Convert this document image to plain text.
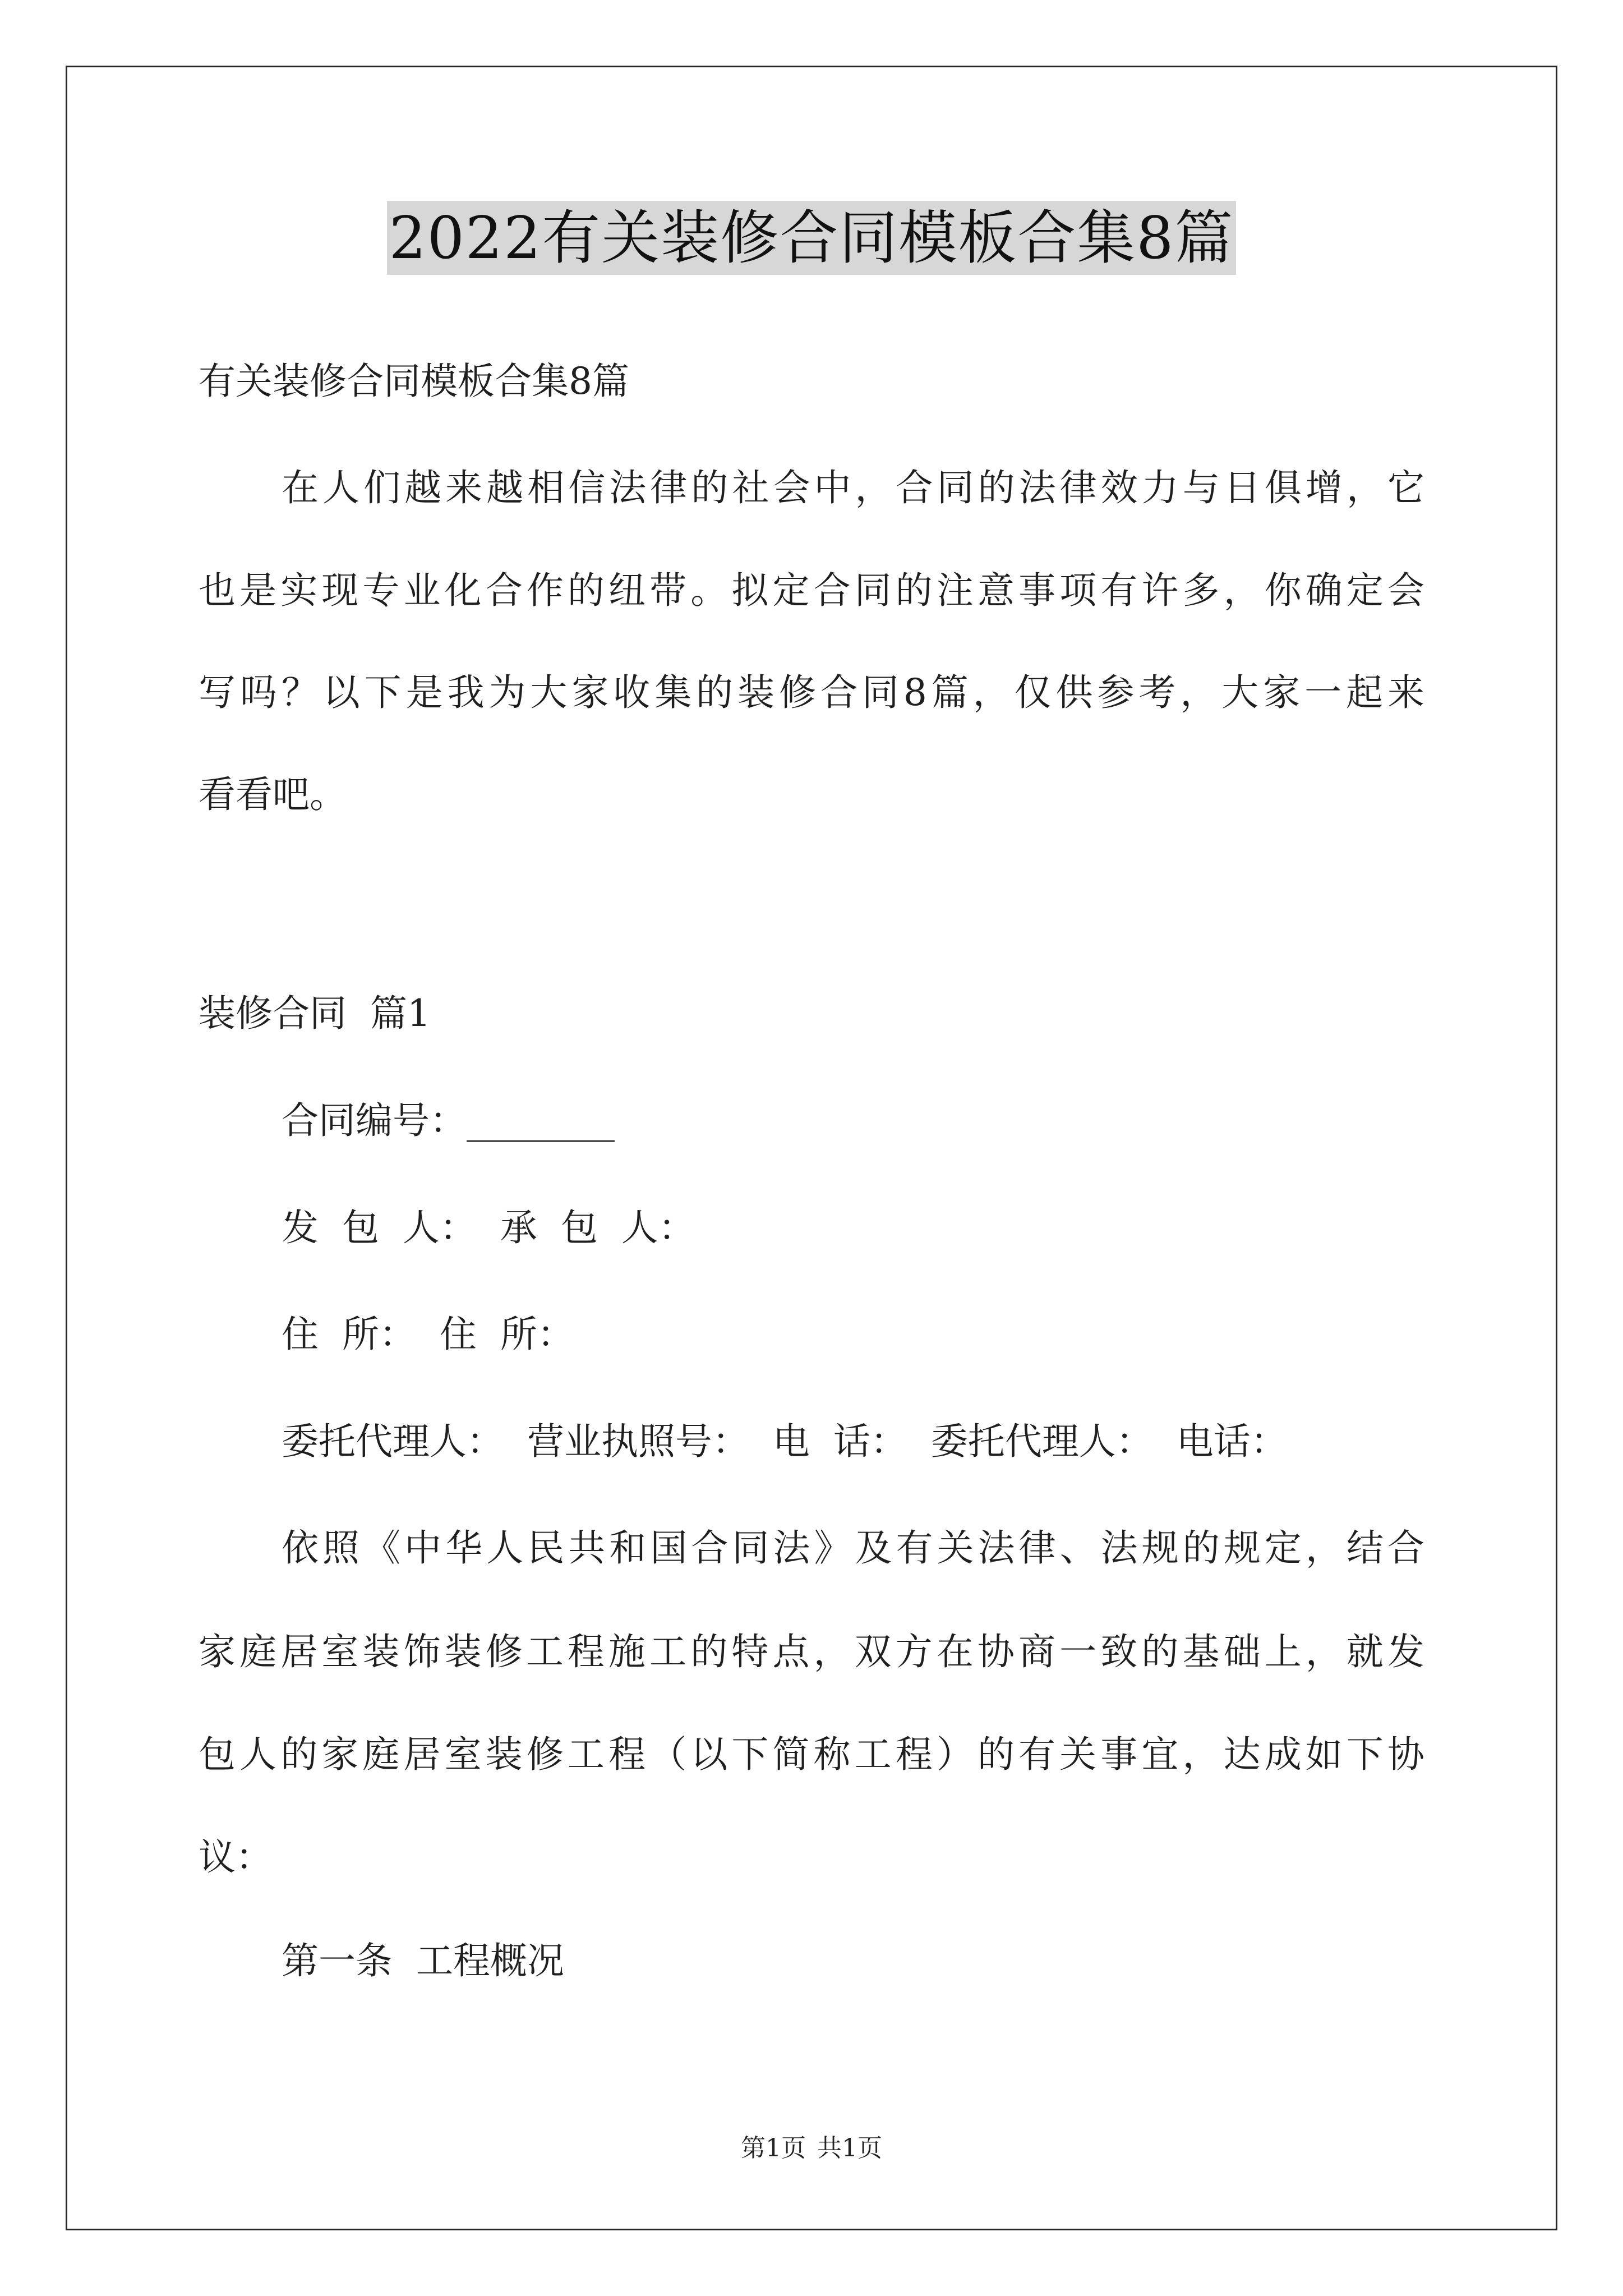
2022有关装修合同模板合集8篇
有关装修合同模板合集8篇
在人们越来越相信法律的社会中，合同的法律效力与日俱增，它
也是实现专业化合作的纽带。拟定合同的注意事项有许多，你确定会
写吗？以下是我为大家收集的装修合同8篇，仅供参考，大家一起来
看看吧。
装修合同  篇1
合同编号：________
发  包  人：  承  包  人：
住  所：  住  所：
委托代理人：  营业执照号：  电  话：  委托代理人：  电话：
依照《中华人民共和国合同法》及有关法律、法规的规定，结合
家庭居室装饰装修工程施工的特点，双方在协商一致的基础上，就发
包人的家庭居室装修工程（以下简称工程）的有关事宜，达成如下协
议：
第一条  工程概况
第1页 共1页
